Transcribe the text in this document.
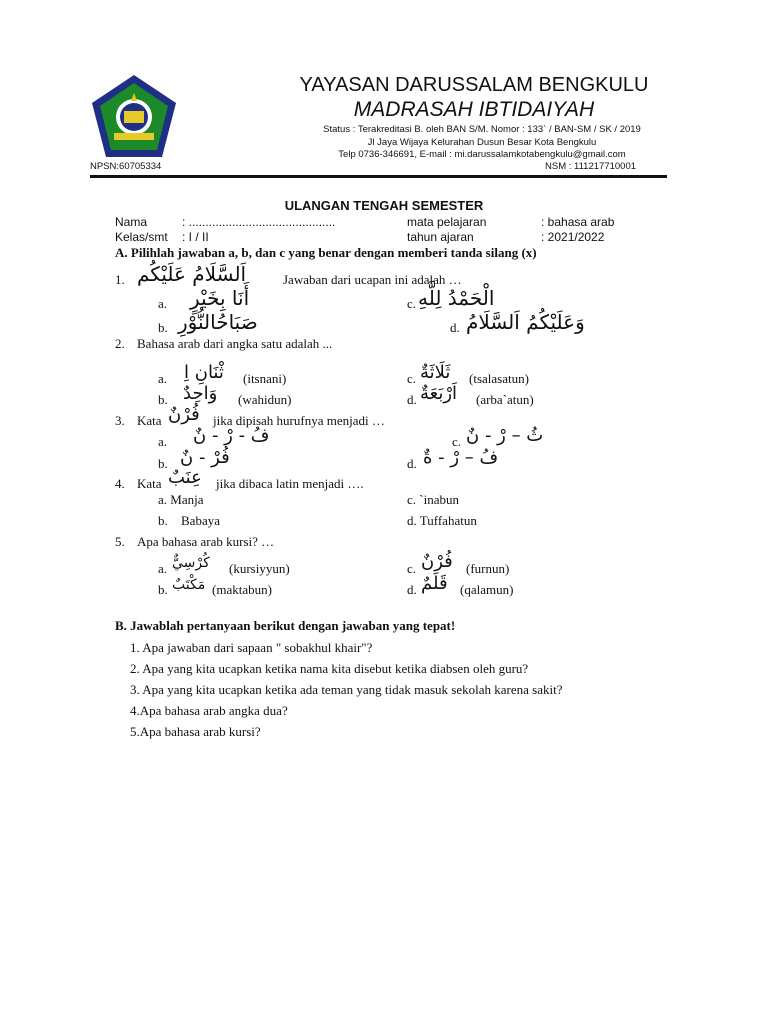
YAYASAN DARUSSALAM BENGKULU
MADRASAH IBTIDAIYAH
Status : Terakreditasi B. oleh BAN S/M. Nomor : 133` / BAN-SM / SK / 2019
Jl Jaya Wijaya Kelurahan Dusun Besar Kota Bengkulu
Telp 0736-346691, E-mail : mi.darussalamkotabengkulu@gmail.com
NPSN:60705334	NSM : 111217710001
ULANGAN TENGAH SEMESTER
Nama	: ............................................	mata pelajaran	: bahasa arab
Kelas/smt : I / II	tahun ajaran	: 2021/2022
A. Pilihlah jawaban a, b, dan c yang benar dengan memberi tanda silang (x)
1. اَلسَّلَامُ عَلَيْكُم	Jawaban dari ucapan ini adalah …
a. أَنَا بِخَيْرٍ	c. الْحَمْدُ لِلَّهِ
b. صَبَاحُالنُّوْرِ	d. وَعَلَيْكُمُ اَلسَّلَامُ
2. Bahasa arab dari angka satu adalah ...
a. ثْنَانِ اِ (itsnani)	c. ثَلَاثَةٌ (tsalasatun)
b. وَاحِدٌ (wahidun)	d. اَرْبَعَةٌ (arba`atun)
3. Kata فُرْنٌ jika dipisah hurufnya menjadi …
a. فُ - رْ - نٌ	c. ثُ – رْ - نٌ
b. فُرْ - نٌ	d. فُ – رْ - ةٌ
4. Kata عِنَبٌ jika dibaca latin menjadi ….
a. Manja	c. `inabun
b. Babaya	d. Tuffahatun
5. Apa bahasa arab kursi? …
a. كُرْسِيٌّ (kursiyyun)	c. فُرْنٌ (furnun)
b. مَكْتَبٌ (maktabun)	d. قَلَمٌ (qalamun)
B. Jawablah pertanyaan berikut dengan jawaban yang tepat!
1. Apa jawaban dari sapaan " sobakhul khair"?
2. Apa yang kita ucapkan ketika nama kita disebut ketika diabsen oleh guru?
3. Apa yang kita ucapkan ketika ada teman yang tidak masuk sekolah karena sakit?
4.Apa bahasa arab angka dua?
5.Apa bahasa arab kursi?
